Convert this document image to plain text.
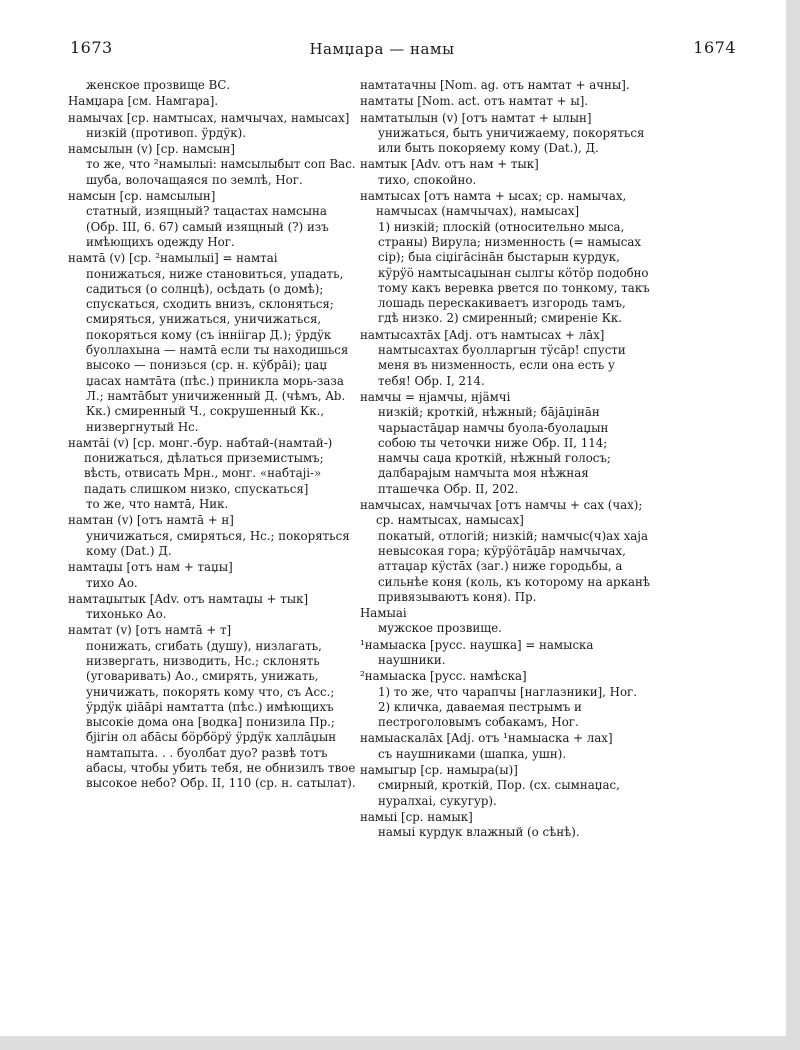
1673	Намџара — намы	1674
женское прозвище ВС.
Намџара [см. Намгара].
намычах [ср. намтысах, намчычах, намысах]
низкій (противоп. ӱрдӱк).
намсылын (v) [ср. намсын]
то же, что ²намылыі: намсылыбыт соп Вас. шуба, волочащаяся по землѣ, Ног.
намсын [ср. намсылын]
статный, изящный? тацастах намсына (Обр. III, 6. 67) самый изящный (?) изъ имѣющихъ одежду Ног.
намтā (v) [ср. ²намылыі] = намтаі
понижаться, ниже становиться, упадать, садиться (о солнцѣ), осѣдать (о домѣ); спускаться, сходить внизъ, склоняться; смиряться, унижаться, уничижаться, покоряться кому (съ інніігар Д.); ӱрдӱк буоллахына — намтā если ты находишься высоко — понизься (ср. н. кӱбрāі); џаџ џасах намтāта (пѣс.) приникла морь-заза Л.; намтāбыт уничиженный Д. (чѣмъ, Ab. Кк.) смиренный Ч., сокрушенный Кк., низвергнутый Нс.
намтāі (v) [ср. монг.-бур. набтай-(намтай-) понижаться, дѣлаться приземистымъ; вѣсть, отвисать Мрн., монг. «набтаji-» падать слишком низко, спускаться]
то же, что намтā, Ник.
намтан (v) [отъ намтā + н]
уничижаться, смиряться, Нс.; покоряться кому (Dat.) Д.
намтаџы [отъ нам + таџы]
тихо Ао.
намтаџытык [Adv. отъ намтаџы + тык]
тихонько Ао.
намтат (v) [отъ намтā + т]
понижать, сгибать (душу), низлагать, низвергать, низводить, Нс.; склонять (уговаривать) Ао., смирять, унижать, уничижать, покорять кому что, съ Acc.; ӱрдӱк џіāāрі намтатта (пѣс.) имѣющихъ высокіе дома она [водка] понизила Пр.; бјігін ол абāсы бӧрбӧрӱ ӱрдӱк халлāџын намтапыта. . . буолбат дуо? развѣ тотъ абасы, чтобы убить тебя, не обнизилъ твое высокое небо? Обр. II, 110 (ср. н. сатылат).
намтатачны [Nom. ag. отъ намтат + ачны].
намтаты [Nom. act. отъ намтат + ы].
намтатылын (v) [отъ намтат + ылын]
унижаться, быть уничижаему, покоряться или быть покоряему кому (Dat.), Д.
намтык [Adv. отъ нам + тык]
тихо, спокойно.
намтысах [отъ намта + ысах; ср. намычах, намчысах (намчычах), намысах]
1) низкій; плоскій (относительно мыса, страны) Вирула; низменность (= намысах сір); быа сіџігāсінāн быстарын курдук, кӱрӱӧ намтысаџынан сылгы кӧтӧр подобно тому какъ веревка рвется по тонкому, такъ лошадь перескакиваетъ изгородь тамъ, гдѣ низко. 2) смиренный; смиреніе Кк.
намтысахтāх [Adj. отъ намтысах + лāх]
намтысахтах буолларгын тӱсāр! спусти меня въ низменность, если она есть у тебя! Обр. I, 214.
намчы = нјамчы, нјӓмчі
низкій; кроткій, нѣжный; бāјāџінāн чарыастāџар намчы буола-буолаџын собою ты четочки ниже Обр. II, 114; намчы саџа кроткій, нѣжный голосъ; далбарајым намчыта моя нѣжная пташечка Обр. II, 202.
намчысах, намчычах [отъ намчы + сах (чах); ср. намтысах, намысах]
покатый, отлогій; низкій; намчыс(ч)ах хаја невысокая гора; кӱрӱӧтāџāр намчычах, аттаџар кӱстāх (заг.) ниже городьбы, а сильнѣе коня (коль, къ которому на арканѣ привязываютъ коня). Пр.
Намыаі
мужское прозвище.
¹намыаска [русс. наушка] = намыска
наушники.
²намыаска [русс. намѣска]
1) то же, что чарапчы [наглазники], Ног. 2) кличка, даваемая пестрымъ и пестроголовымъ собакамъ, Ног.
намыаскалāх [Adj. отъ ¹намыаска + лах]
съ наушниками (шапка, ушн).
намыгыр [ср. намыра(ы)]
смирный, кроткій, Пор. (сх. сымнаџас, нуралхаі, сукугур).
намыі [ср. намык]
намыі курдук влажный (о сѣнѣ).
